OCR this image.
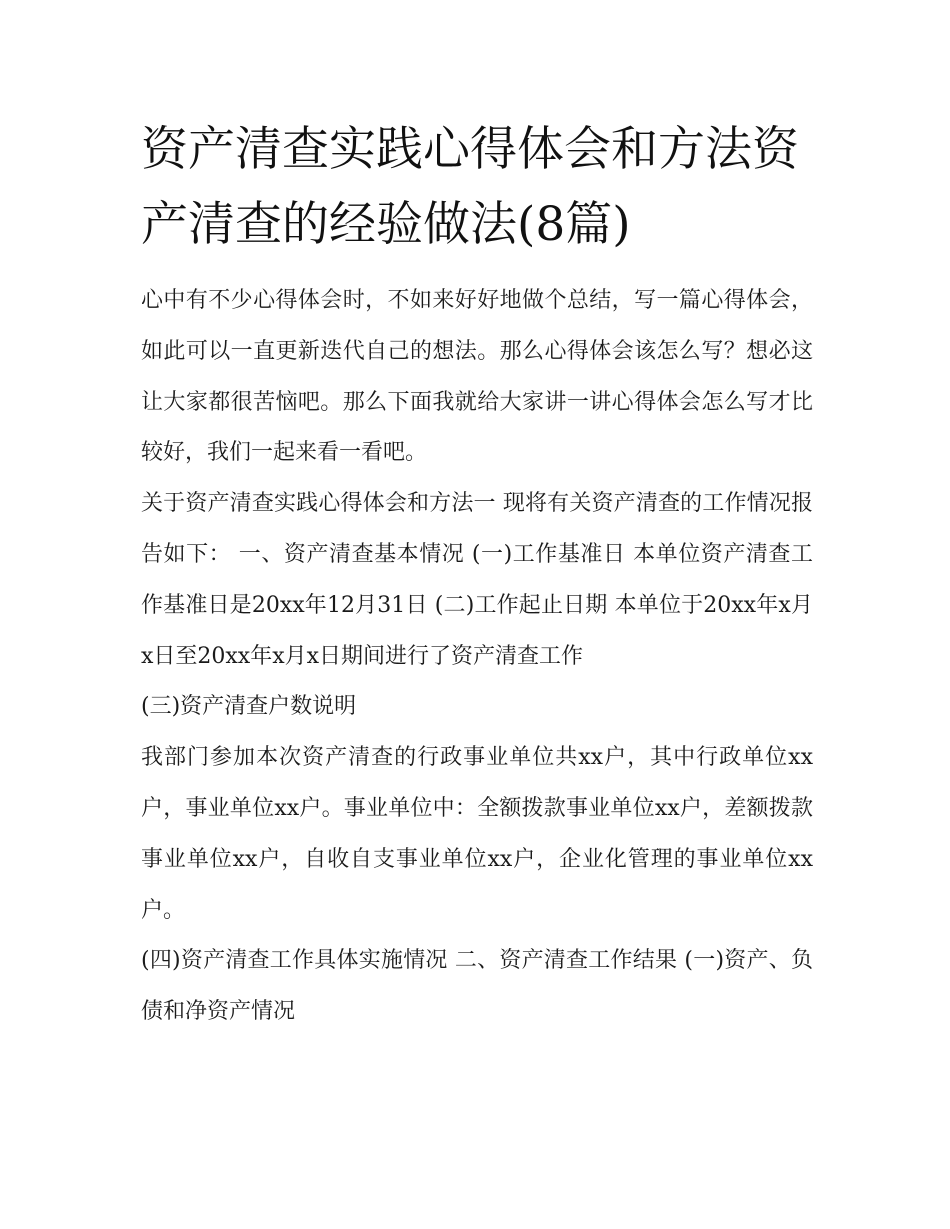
资产清查实践心得体会和方法资产清查的经验做法(8篇)

心中有不少心得体会时，不如来好好地做个总结，写一篇心得体会，如此可以一直更新迭代自己的想法。那么心得体会该怎么写？想必这让大家都很苦恼吧。那么下面我就给大家讲一讲心得体会怎么写才比较好，我们一起来看一看吧。

关于资产清查实践心得体会和方法一 现将有关资产清查的工作情况报告如下： 一、资产清查基本情况 (一)工作基准日 本单位资产清查工作基准日是20xx年12月31日 (二)工作起止日期 本单位于20xx年x月x日至20xx年x月x日期间进行了资产清查工作

(三)资产清查户数说明

我部门参加本次资产清查的行政事业单位共xx户，其中行政单位xx户，事业单位xx户。事业单位中：全额拨款事业单位xx户，差额拨款事业单位xx户，自收自支事业单位xx户，企业化管理的事业单位xx户。

(四)资产清查工作具体实施情况 二、资产清查工作结果 (一)资产、负债和净资产情况
